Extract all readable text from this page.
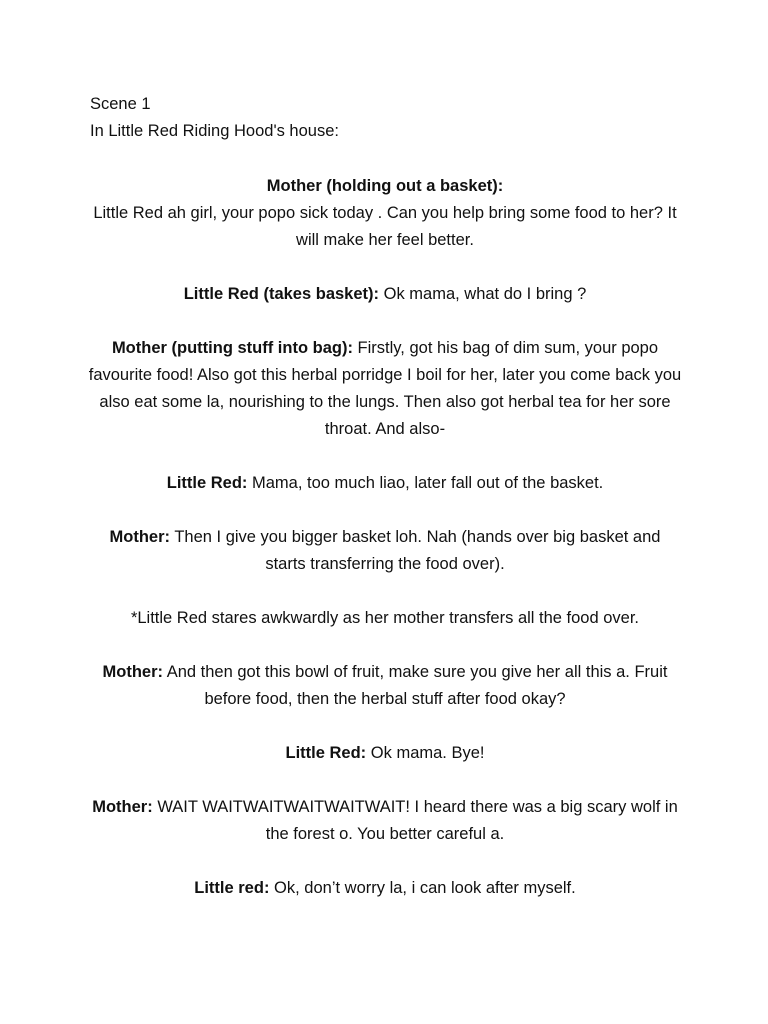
Scene 1
In Little Red Riding Hood's house:

Mother (holding out a basket):
Little Red ah girl, your popo sick today . Can you help bring some food to her? It will make her feel better.

Little Red (takes basket): Ok mama, what do I bring ?

Mother (putting stuff into bag): Firstly, got his bag of dim sum, your popo favourite food! Also got this herbal porridge I boil for her, later you come back you also eat some la, nourishing to the lungs. Then also got herbal tea for her sore throat. And also-

Little Red: Mama, too much liao, later fall out of the basket.

Mother: Then I give you bigger basket loh. Nah (hands over big basket and starts transferring the food over).

*Little Red stares awkwardly as her mother transfers all the food over.

Mother: And then got this bowl of fruit, make sure you give her all this a. Fruit before food, then the herbal stuff after food okay?

Little Red: Ok mama. Bye!

Mother: WAIT WAITWAITWAITWAITWAIT! I heard there was a big scary wolf in the forest o. You better careful a.

Little red: Ok, don’t worry la, i can look after myself.
